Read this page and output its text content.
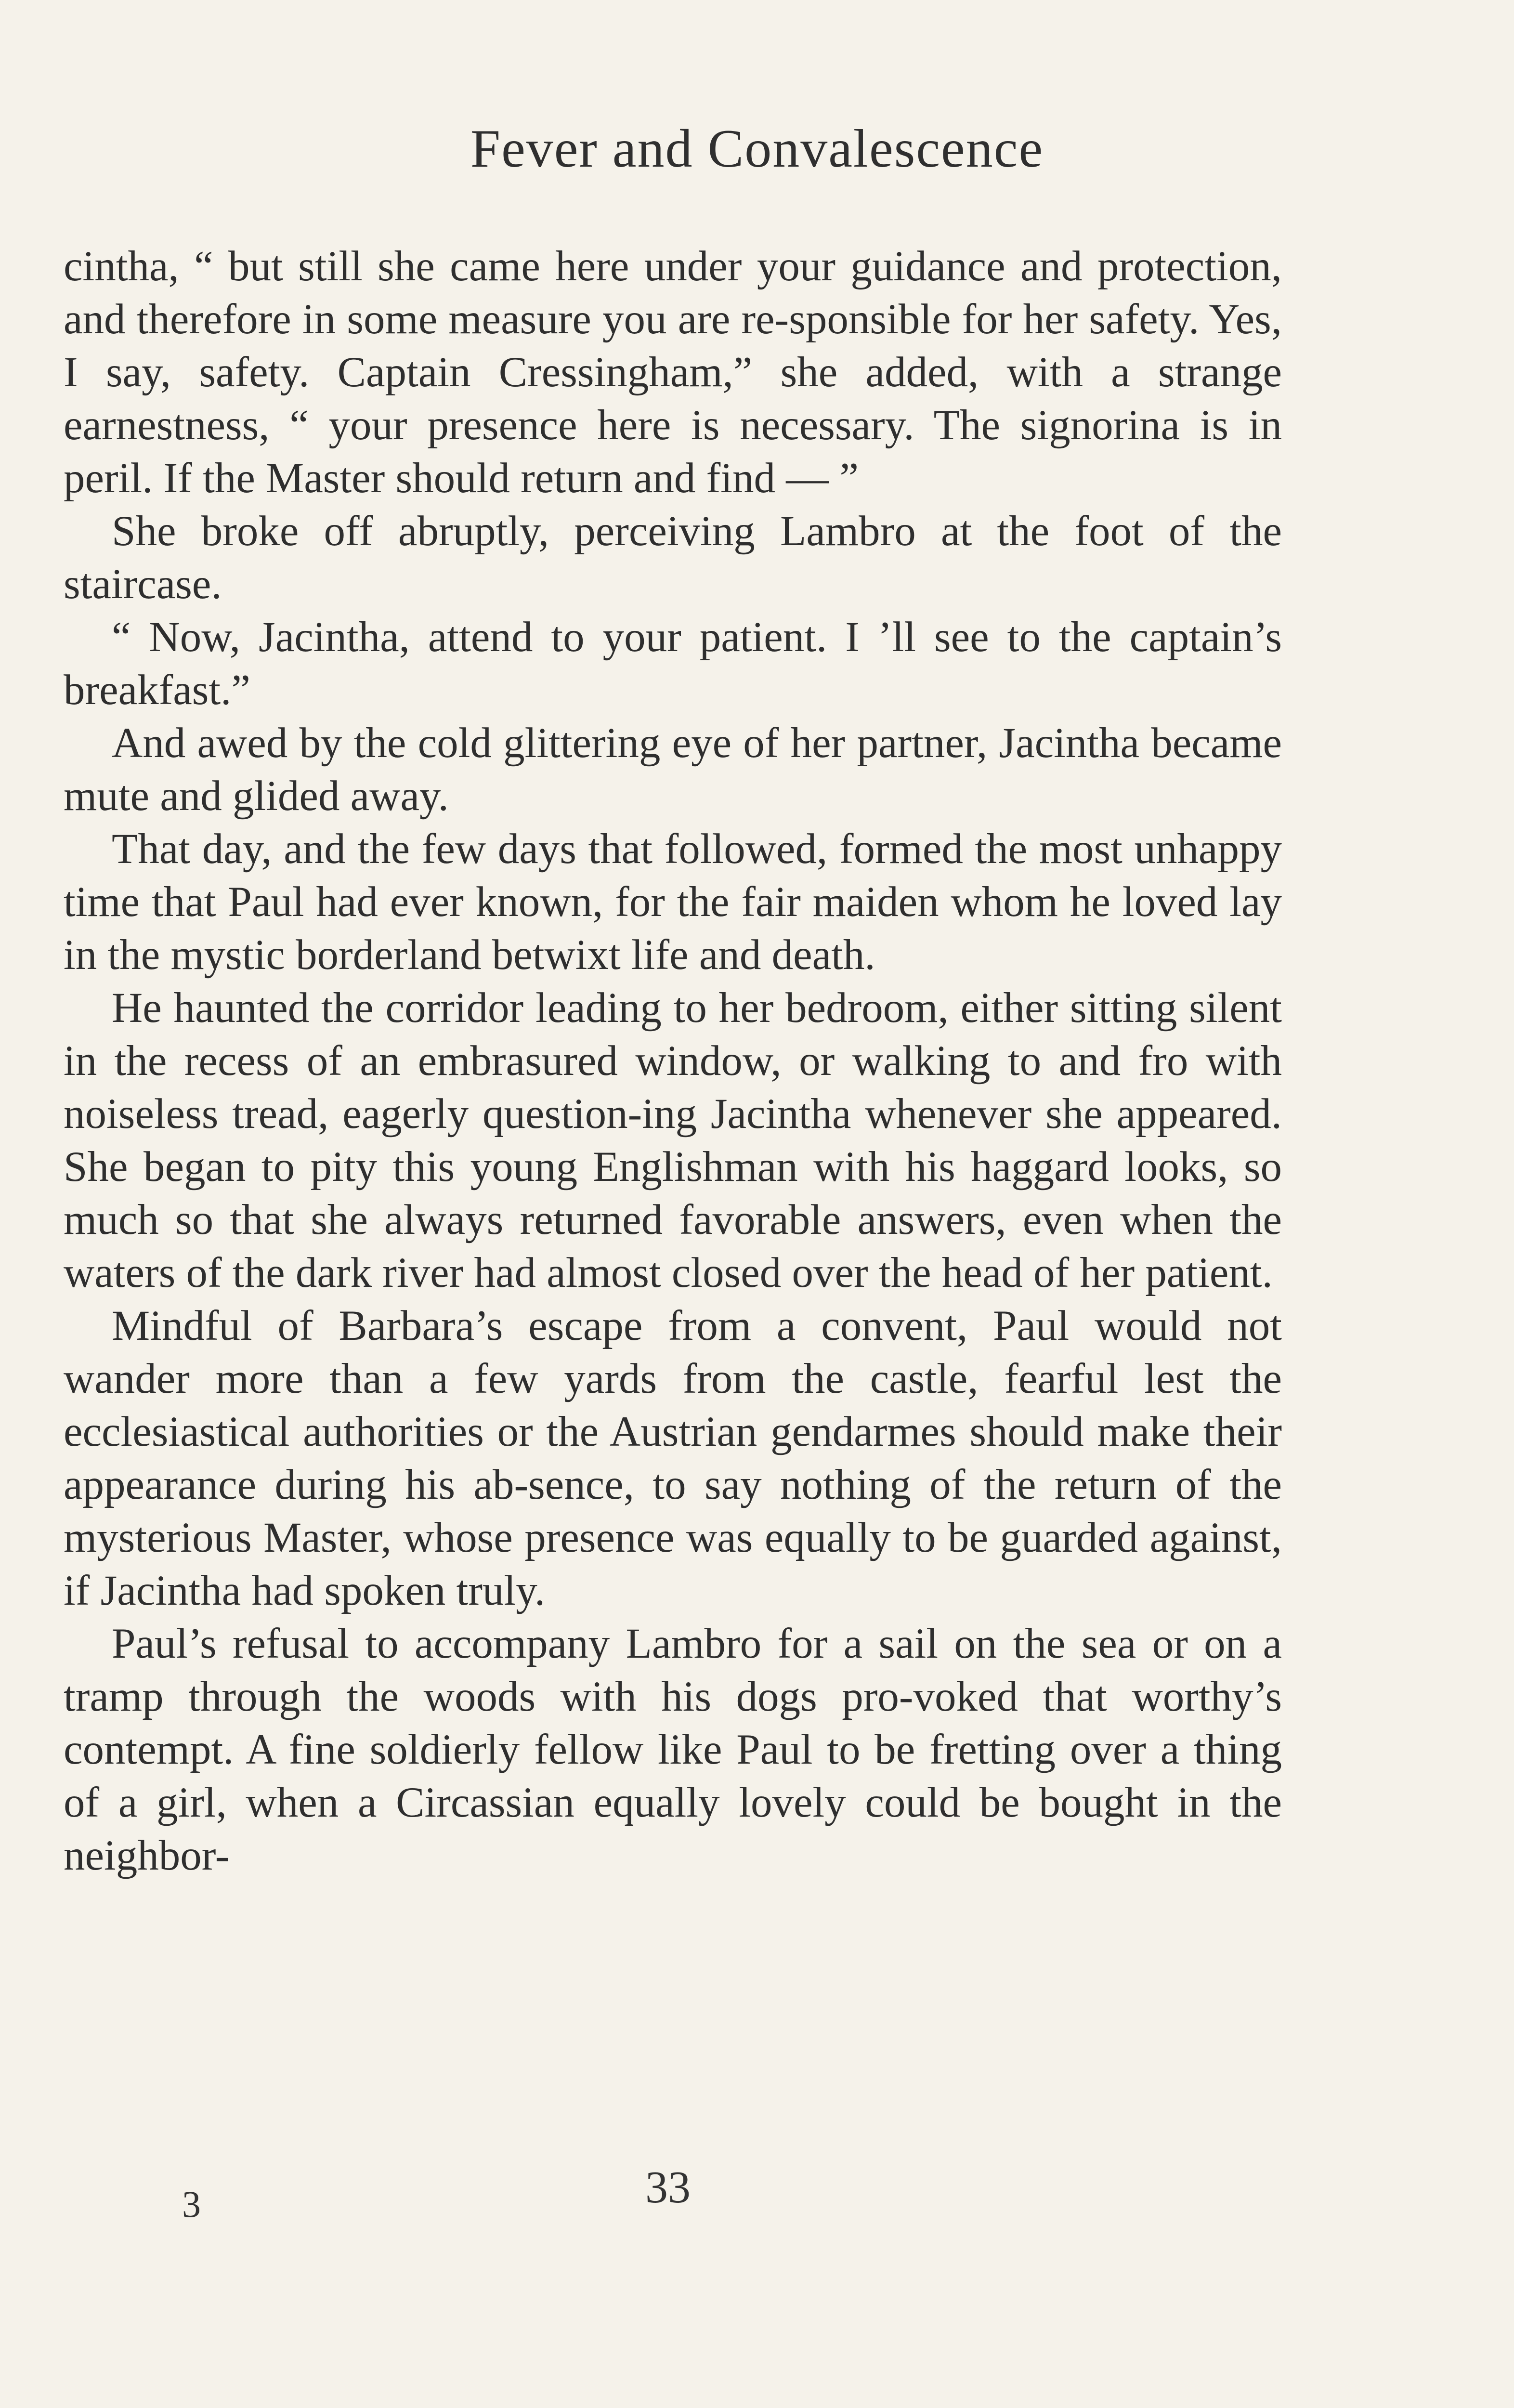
Fever and Convalescence

cintha, “ but still she came here under your guidance and protection, and therefore in some measure you are re-sponsible for her safety. Yes, I say, safety. Captain Cressingham,” she added, with a strange earnestness, “ your presence here is necessary. The signorina is in peril. If the Master should return and find — ”

She broke off abruptly, perceiving Lambro at the foot of the staircase.

“ Now, Jacintha, attend to your patient. I ’ll see to the captain’s breakfast.”

And awed by the cold glittering eye of her partner, Jacintha became mute and glided away.

That day, and the few days that followed, formed the most unhappy time that Paul had ever known, for the fair maiden whom he loved lay in the mystic borderland betwixt life and death.

He haunted the corridor leading to her bedroom, either sitting silent in the recess of an embrasured window, or walking to and fro with noiseless tread, eagerly question-ing Jacintha whenever she appeared. She began to pity this young Englishman with his haggard looks, so much so that she always returned favorable answers, even when the waters of the dark river had almost closed over the head of her patient.

Mindful of Barbara’s escape from a convent, Paul would not wander more than a few yards from the castle, fearful lest the ecclesiastical authorities or the Austrian gendarmes should make their appearance during his ab-sence, to say nothing of the return of the mysterious Master, whose presence was equally to be guarded against, if Jacintha had spoken truly.

Paul’s refusal to accompany Lambro for a sail on the sea or on a tramp through the woods with his dogs pro-voked that worthy’s contempt. A fine soldierly fellow like Paul to be fretting over a thing of a girl, when a Circassian equally lovely could be bought in the neighbor-

3	33
